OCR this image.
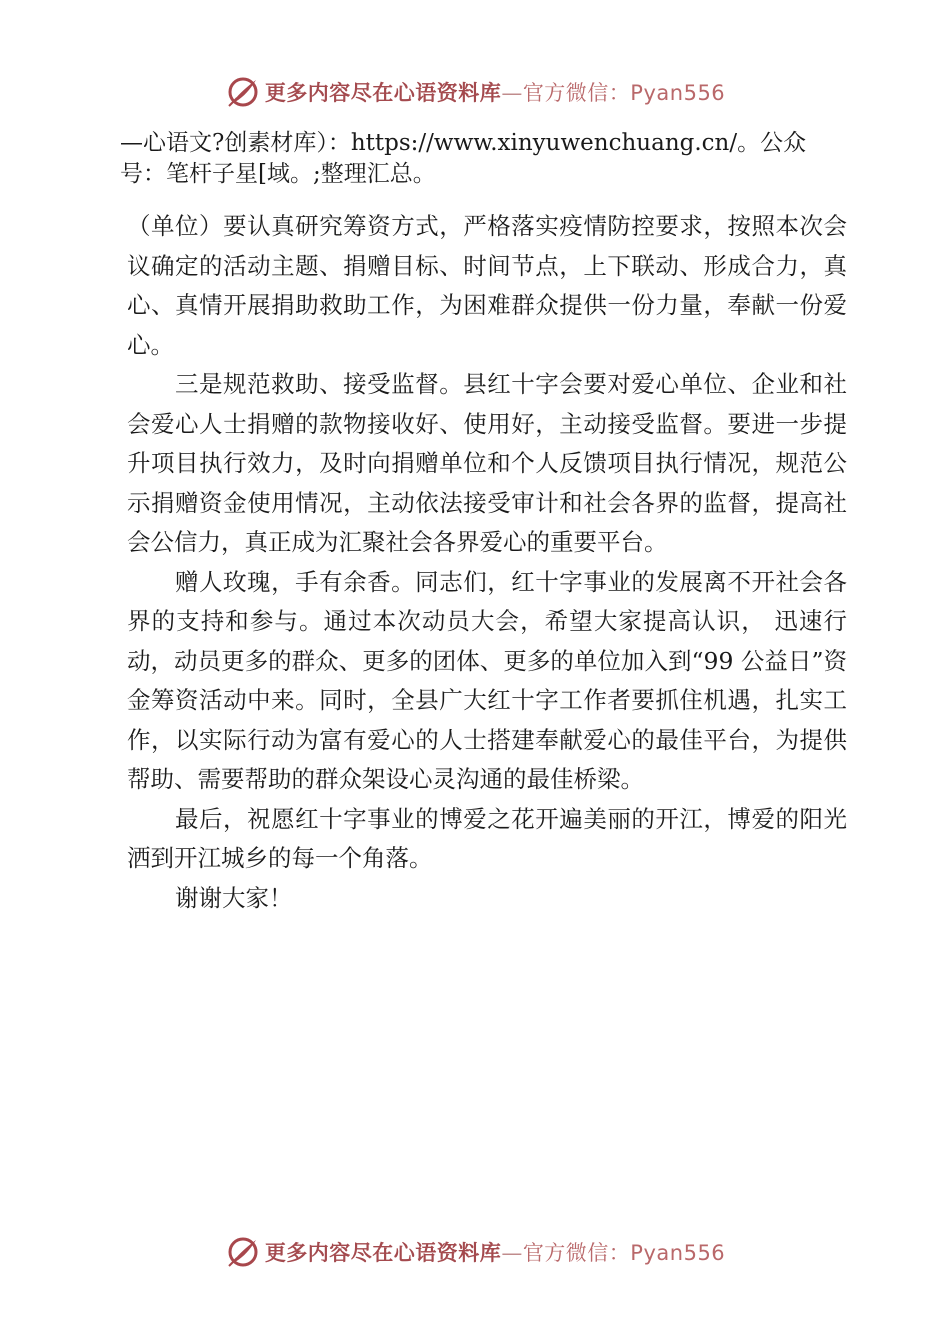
更多内容尽在心语资料库—官方微信：Pyan556
—心语文?创素材库）：https://www.xinyuwenchuang.cn/。公众
号：笔杆子星[域。;整理汇总。

（单位）要认真研究筹资方式，严格落实疫情防控要求，按照本次会议确定的活动主题、捐赠目标、时间节点，上下联动、形成合力，真心、真情开展捐助救助工作，为困难群众提供一份力量，奉献一份爱心。

三是规范救助、接受监督。县红十字会要对爱心单位、企业和社会爱心人士捐赠的款物接收好、使用好，主动接受监督。要进一步提升项目执行效力，及时向捐赠单位和个人反馈项目执行情况，规范公示捐赠资金使用情况，主动依法接受审计和社会各界的监督，提高社会公信力，真正成为汇聚社会各界爱心的重要平台。

赠人玫瑰，手有余香。同志们，红十字事业的发展离不开社会各界的支持和参与。通过本次动员大会，希望大家提高认识， 迅速行动，动员更多的群众、更多的团体、更多的单位加入到“99 公益日”资金筹资活动中来。同时，全县广大红十字工作者要抓住机遇，扎实工作，以实际行动为富有爱心的人士搭建奉献爱心的最佳平台，为提供帮助、需要帮助的群众架设心灵沟通的最佳桥梁。

最后，祝愿红十字事业的博爱之花开遍美丽的开江，博爱的阳光洒到开江城乡的每一个角落。

谢谢大家！

更多内容尽在心语资料库—官方微信：Pyan556
